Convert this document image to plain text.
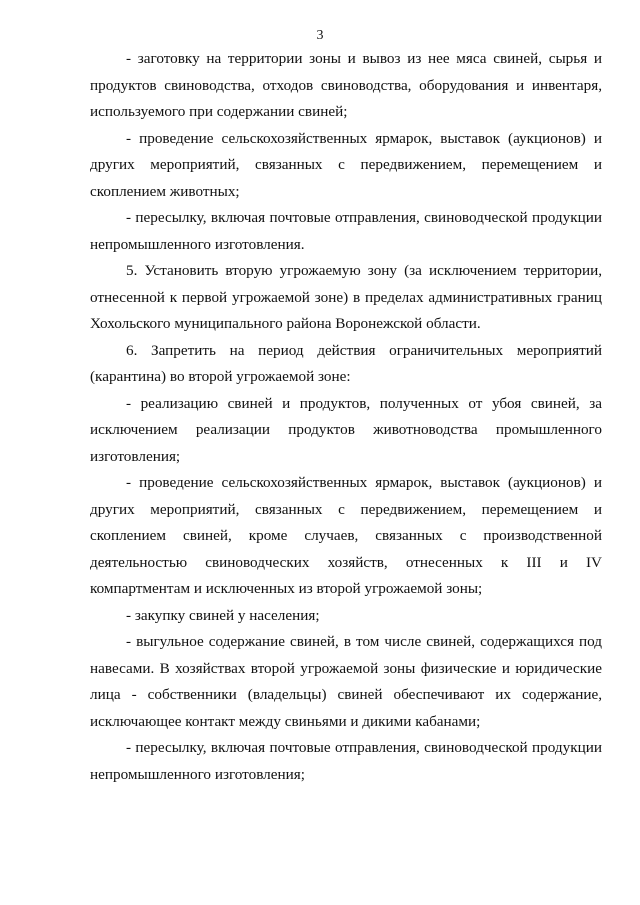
3

- заготовку на территории зоны и вывоз из нее мяса свиней, сырья и продуктов свиноводства, отходов свиноводства, оборудования и инвентаря, используемого при содержании свиней;

- проведение сельскохозяйственных ярмарок, выставок (аукционов) и других мероприятий, связанных с передвижением, перемещением и скоплением животных;

- пересылку, включая почтовые отправления, свиноводческой продукции непромышленного изготовления.

5. Установить вторую угрожаемую зону (за исключением территории, отнесенной к первой угрожаемой зоне) в пределах административных границ Хохольского муниципального района Воронежской области.

6. Запретить на период действия ограничительных мероприятий (карантина) во второй угрожаемой зоне:

- реализацию свиней и продуктов, полученных от убоя свиней, за исключением реализации продуктов животноводства промышленного изготовления;

- проведение сельскохозяйственных ярмарок, выставок (аукционов) и других мероприятий, связанных с передвижением, перемещением и скоплением свиней, кроме случаев, связанных с производственной деятельностью свиноводческих хозяйств, отнесенных к III и IV компартментам и исключенных из второй угрожаемой зоны;

- закупку свиней у населения;

- выгульное содержание свиней, в том числе свиней, содержащихся под навесами. В хозяйствах второй угрожаемой зоны физические и юридические лица - собственники (владельцы) свиней обеспечивают их содержание, исключающее контакт между свиньями и дикими кабанами;

- пересылку, включая почтовые отправления, свиноводческой продукции непромышленного изготовления;
